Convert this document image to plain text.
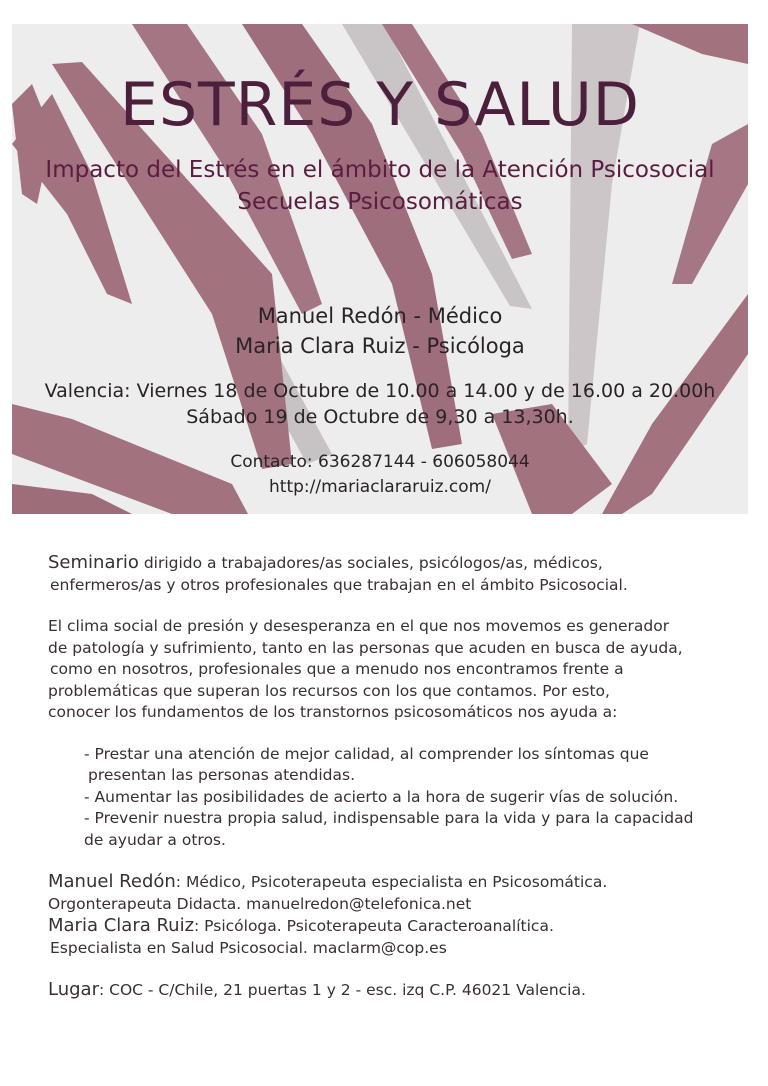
ESTRÉS Y SALUD
Impacto del Estrés en el ámbito de la Atención Psicosocial
Secuelas Psicosomáticas
Manuel Redón - Médico
Maria Clara Ruiz - Psicóloga
Valencia: Viernes 18 de Octubre de 10.00 a 14.00 y de 16.00 a 20.00h
Sábado 19 de Octubre de 9,30 a 13,30h.
Contacto: 636287144 - 606058044
http://mariaclararuiz.com/

Seminario dirigido a trabajadores/as sociales, psicólogos/as, médicos,

enfermeros/as y otros profesionales que trabajan en el ámbito Psicosocial.

El clima social de presión y desesperanza en el que nos movemos es generador

de patología y sufrimiento, tanto en las personas que acuden en busca de ayuda,

como en nosotros, profesionales que a menudo nos encontramos frente a

problemáticas que superan los recursos con los que contamos. Por esto,

conocer los fundamentos de los transtornos psicosomáticos nos ayuda a:

- Prestar una atención de mejor calidad, al comprender los síntomas que

presentan las personas atendidas.

- Aumentar las posibilidades de acierto a la hora de sugerir vías de solución.

- Prevenir nuestra propia salud, indispensable para la vida y para la capacidad

de ayudar a otros.

Manuel Redón: Médico, Psicoterapeuta especialista en Psicosomática.

Orgonterapeuta Didacta. manuelredon@telefonica.net

Maria Clara Ruiz: Psicóloga. Psicoterapeuta Caracteroanalítica.

Especialista en Salud Psicosocial. maclarm@cop.es

Lugar: COC - C/Chile, 21 puertas 1 y 2 - esc. izq C.P. 46021 Valencia.
